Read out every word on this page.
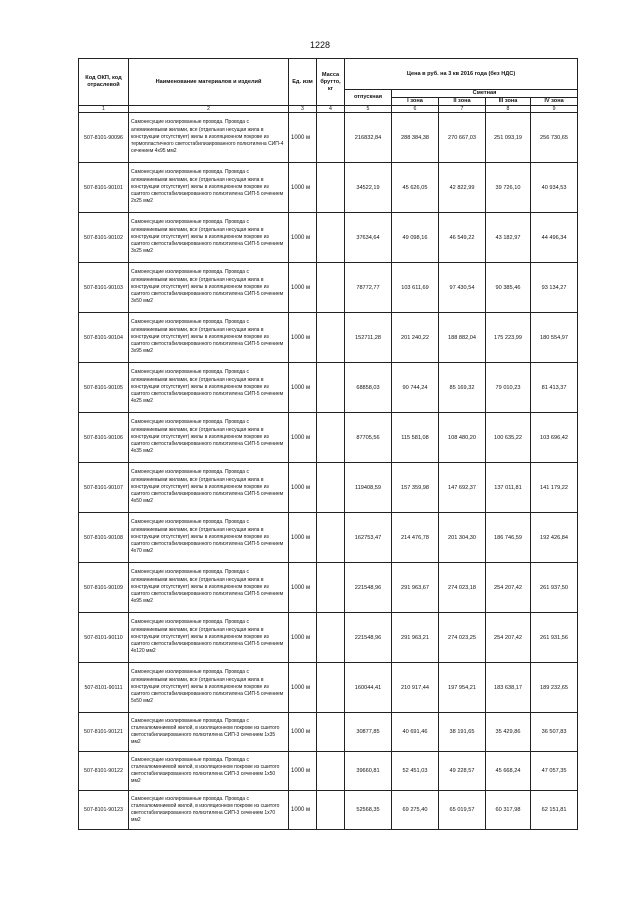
1228
Код ОКП, код отраслевой	Наименование материалов и изделий	Ед. изм	Масса брутто, кг	Цена в руб. на 3 кв 2016 года (без НДС)				
				отпускная	Сметная			
					I зона	II зона	III зона	IV зона
1	2	3	4	5	6	7	8	9
507-8101-90096	Самонесущие изолированные провода. Провода с алюминиевыми жилами, все (отдельная несущая жила в конструкции отсутствует) жилы в изоляционном покрове из термопластичного светостабилизированного полиэтилена СИП-4 сечением 4х95 мм2	1000 м		216832,84	288 384,38	270 667,03	251 093,19	256 730,65
507-8101-90101	Самонесущие изолированные провода. Провода с алюминиевыми жилами, все (отдельная несущая жила в конструкции отсутствует) жилы в изоляционном покрове из сшитого светостабилизированного полиэтилена СИП-5 сечением 2х25 мм2	1000 м		34522,19	45 626,05	42 822,99	39 726,10	40 934,53
507-8101-90102	Самонесущие изолированные провода. Провода с алюминиевыми жилами, все (отдельная несущая жила в конструкции отсутствует) жилы в изоляционном покрове из сшитого светостабилизированного полиэтилена СИП-5 сечением 3х25 мм2	1000 м		37634,64	49 098,16	46 549,22	43 182,97	44 496,34
507-8101-90103	Самонесущие изолированные провода. Провода с алюминиевыми жилами, все (отдельная несущая жила в конструкции отсутствует) жилы в изоляционном покрове из сшитого светостабилизированного полиэтилена СИП-5 сечением 3х50 мм2	1000 м		78772,77	103 611,69	97 430,54	90 385,46	93 134,27
507-8101-90104	Самонесущие изолированные провода. Провода с алюминиевыми жилами, все (отдельная несущая жила в конструкции отсутствует) жилы в изоляционном покрове из сшитого светостабилизированного полиэтилена СИП-5 сечением 3х95 мм2	1000 м		152711,28	201 240,22	188 882,04	175 223,99	180 554,97
507-8101-90105	Самонесущие изолированные провода. Провода с алюминиевыми жилами, все (отдельная несущая жила в конструкции отсутствует) жилы в изоляционном покрове из сшитого светостабилизированного полиэтилена СИП-5 сечением 4х25 мм2	1000 м		68858,03	90 744,24	85 169,32	79 010,23	81 413,37
507-8101-90106	Самонесущие изолированные провода. Провода с алюминиевыми жилами, все (отдельная несущая жила в конструкции отсутствует) жилы в изоляционном покрове из сшитого светостабилизированного полиэтилена СИП-5 сечением 4х35 мм2	1000 м		87705,56	115 581,08	108 480,20	100 635,22	103 696,42
507-8101-90107	Самонесущие изолированные провода. Провода с алюминиевыми жилами, все (отдельная несущая жила в конструкции отсутствует) жилы в изоляционном покрове из сшитого светостабилизированного полиэтилена СИП-5 сечением 4х50 мм2	1000 м		119408,59	157 359,98	147 692,37	137 011,81	141 179,22
507-8101-90108	Самонесущие изолированные провода. Провода с алюминиевыми жилами, все (отдельная несущая жила в конструкции отсутствует) жилы в изоляционном покрове из сшитого светостабилизированного полиэтилена СИП-5 сечением 4х70 мм2	1000 м		162753,47	214 476,78	201 304,30	186 746,59	192 426,84
507-8101-90109	Самонесущие изолированные провода. Провода с алюминиевыми жилами, все (отдельная несущая жила в конструкции отсутствует) жилы в изоляционном покрове из сшитого светостабилизированного полиэтилена СИП-5 сечением 4х95 мм2	1000 м		221548,96	291 963,67	274 023,18	254 207,42	261 937,50
507-8101-90110	Самонесущие изолированные провода. Провода с алюминиевыми жилами, все (отдельная несущая жила в конструкции отсутствует) жилы в изоляционном покрове из сшитого светостабилизированного полиэтилена СИП-5 сечением 4х120 мм2	1000 м		221548,96	291 963,21	274 023,25	254 207,42	261 931,56
507-8101-90111	Самонесущие изолированные провода. Провода с алюминиевыми жилами, все (отдельная несущая жила в конструкции отсутствует) жилы в изоляционном покрове из сшитого светостабилизированного полиэтилена СИП-5 сечением 5х50 мм2	1000 м		160044,41	210 917,44	197 954,21	183 638,17	189 232,65
507-8101-90121	Самонесущие изолированные провода. Провода с сталеалюминиевой жилой, в изоляционном покрове из сшитого светостабилизированного полиэтилена СИП-3 сечением 1х35 мм2	1000 м		30877,85	40 691,46	38 191,65	35 429,86	36 507,83
507-8101-90122	Самонесущие изолированные провода. Провода с сталеалюминиевой жилой, в изоляционном покрове из сшитого светостабилизированного полиэтилена СИП-3 сечением 1х50 мм2	1000 м		39660,81	52 451,03	49 228,57	45 668,24	47 057,35
507-8101-90123	Самонесущие изолированные провода. Провода с сталеалюминиевой жилой, в изоляционном покрове из сшитого светостабилизированного полиэтилена СИП-3 сечением 1х70 мм2	1000 м		52568,35	69 275,40	65 019,57	60 317,98	62 151,81
